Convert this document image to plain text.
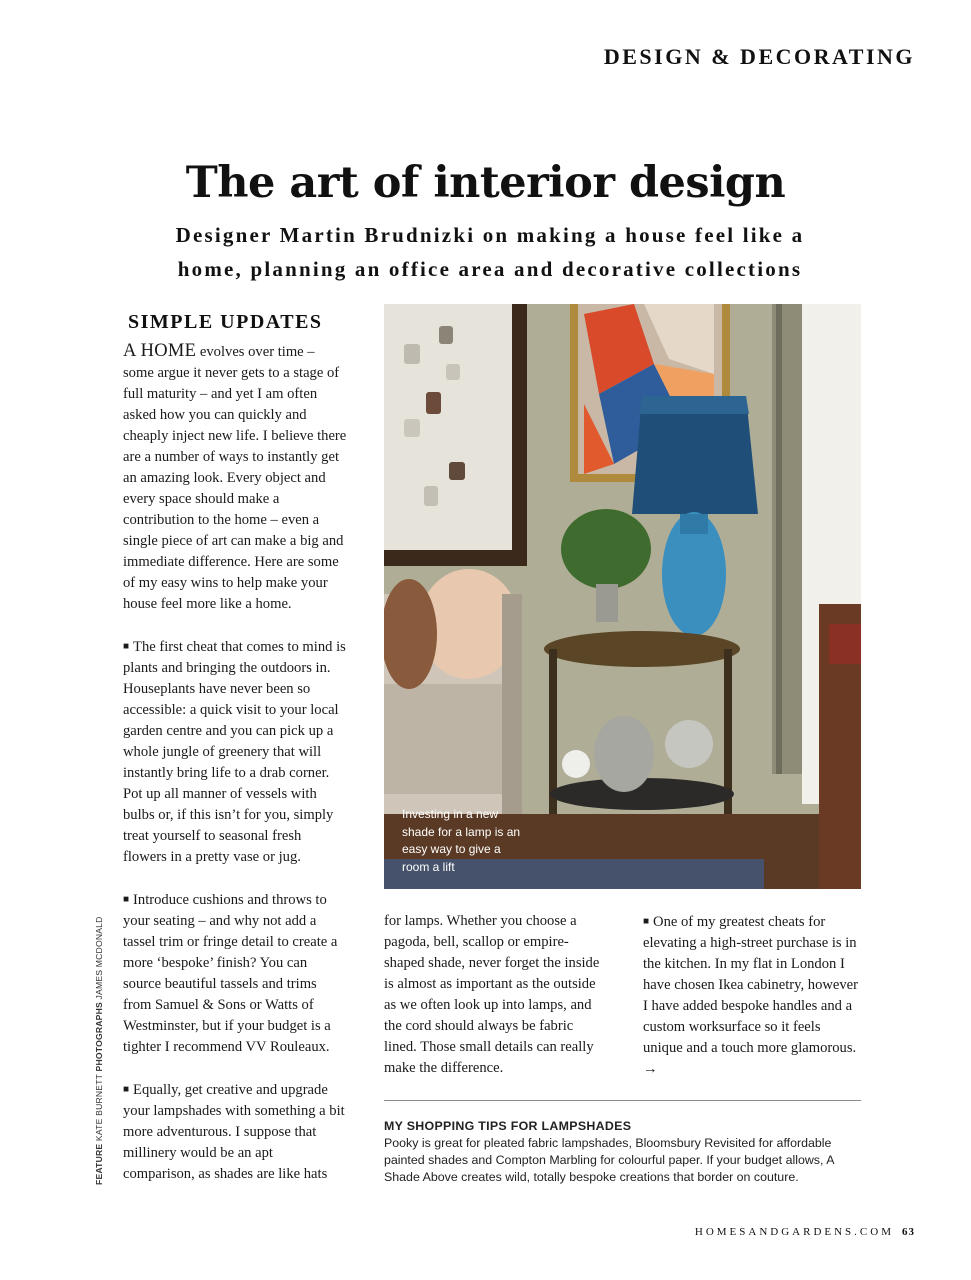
DESIGN & DECORATING
The art of interior design

Designer Martin Brudnizki on making a house feel like a home, planning an office area and decorative collections

SIMPLE UPDATES

A HOME evolves over time – some argue it never gets to a stage of full maturity – and yet I am often asked how you can quickly and cheaply inject new life. I believe there are a number of ways to instantly get an amazing look. Every object and every space should make a contribution to the home – even a single piece of art can make a big and immediate difference. Here are some of my easy wins to help make your house feel more like a home.

■ The first cheat that comes to mind is plants and bringing the outdoors in. Houseplants have never been so accessible: a quick visit to your local garden centre and you can pick up a whole jungle of greenery that will instantly bring life to a drab corner. Pot up all manner of vessels with bulbs or, if this isn’t for you, simply treat yourself to seasonal fresh flowers in a pretty vase or jug.

■ Introduce cushions and throws to your seating – and why not add a tassel trim or fringe detail to create a more ‘bespoke’ finish? You can source beautiful tassels and trims from Samuel & Sons or Watts of Westminster, but if your budget is a tighter I recommend VV Rouleaux.

■ Equally, get creative and upgrade your lampshades with something a bit more adventurous. I suppose that millinery would be an apt comparison, as shades are like hats

Investing in a new shade for a lamp is an easy way to give a room a lift

for lamps. Whether you choose a pagoda, bell, scallop or empire-shaped shade, never forget the inside is almost as important as the outside as we often look up into lamps, and the cord should always be fabric lined. Those small details can really make the difference.

■ One of my greatest cheats for elevating a high-street purchase is in the kitchen. In my flat in London I have chosen Ikea cabinetry, however I have added bespoke handles and a custom worksurface so it feels unique and a touch more glamorous. →

MY SHOPPING TIPS FOR LAMPSHADES
Pooky is great for pleated fabric lampshades, Bloomsbury Revisited for affordable painted shades and Compton Marbling for colourful paper. If your budget allows, A Shade Above creates wild, totally bespoke creations that border on couture.
FEATURE KATE BURNETT PHOTOGRAPHS JAMES MCDONALD
HOMESANDGARDENS.COM 63
